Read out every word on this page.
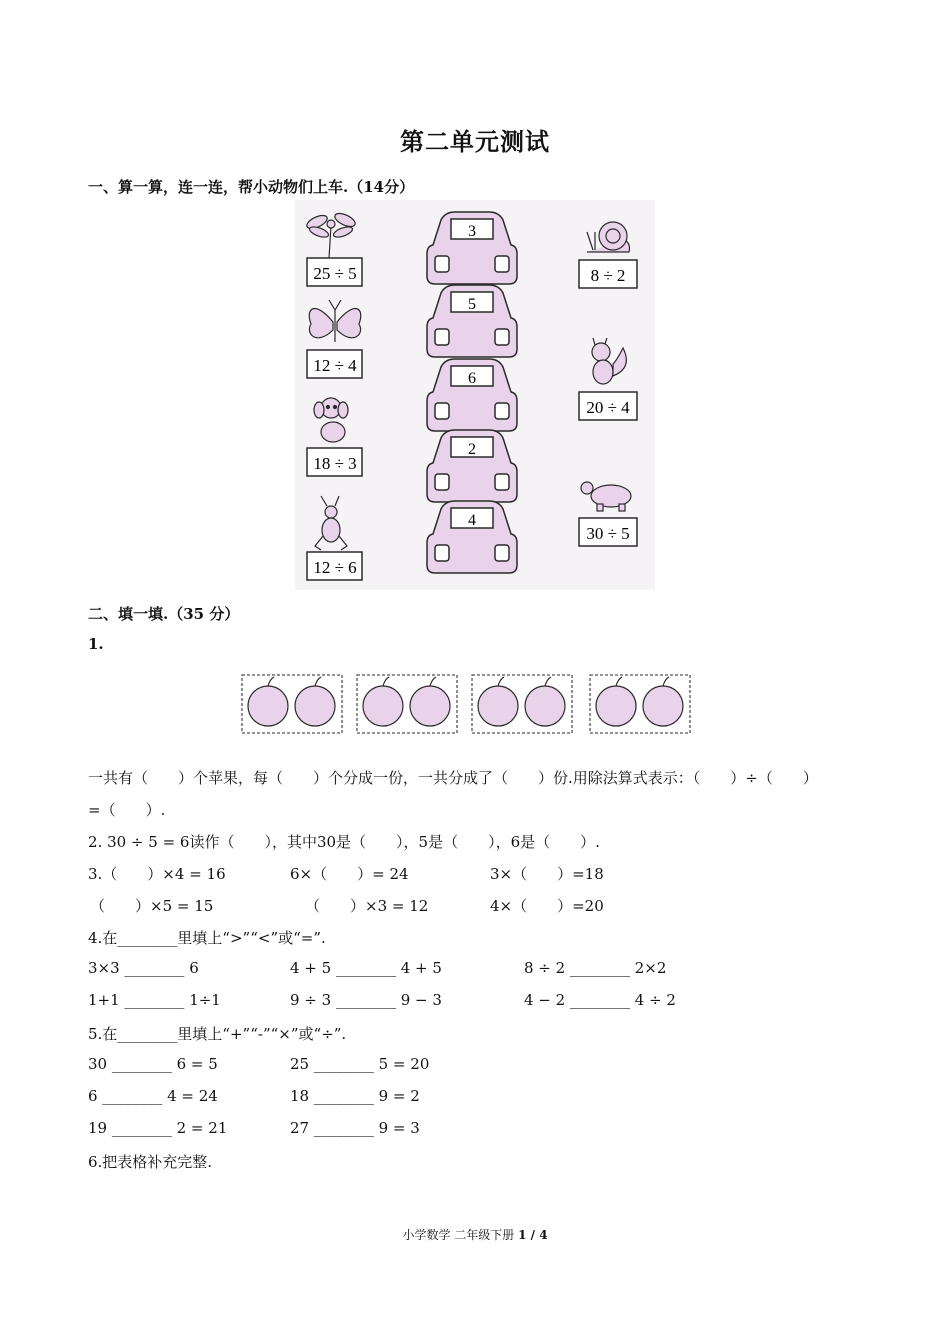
第二单元测试
一、算一算，连一连，帮小动物们上车.（14分）
25 ÷ 5
12 ÷ 4
18 ÷ 3
12 ÷ 6
3
5
6
2
4
8 ÷ 2
20 ÷ 4
30 ÷ 5
二、填一填.（35 分）
1.
一共有（　　）个苹果，每（　　）个分成一份，一共分成了（　　）份.用除法算式表示：（　　）÷（　　）
=（　　）.
2. 30 ÷ 5 = 6读作（　　），其中30是（　　），5是（　　），6是（　　）.
3.（　　）×4 = 16	6×（　　）= 24	3×（　　）=18
（　　）×5 = 15	（　　）×3 = 12	4×（　　）=20
4.在________里填上“>”“<”或“=”.
3×3 ________ 6	4 + 5 ________ 4 + 5	8 ÷ 2 ________ 2×2
1+1 ________ 1÷1	9 ÷ 3 ________ 9 − 3	4 − 2 ________ 4 ÷ 2
5.在________里填上“+”“-”“×”或“÷”.
30 ________ 6 = 5	25 ________ 5 = 20
6 ________ 4 = 24	18 ________ 9 = 2
19 ________ 2 = 21	27 ________ 9 = 3
6.把表格补充完整.
小学数学 二年级下册 1 / 4
